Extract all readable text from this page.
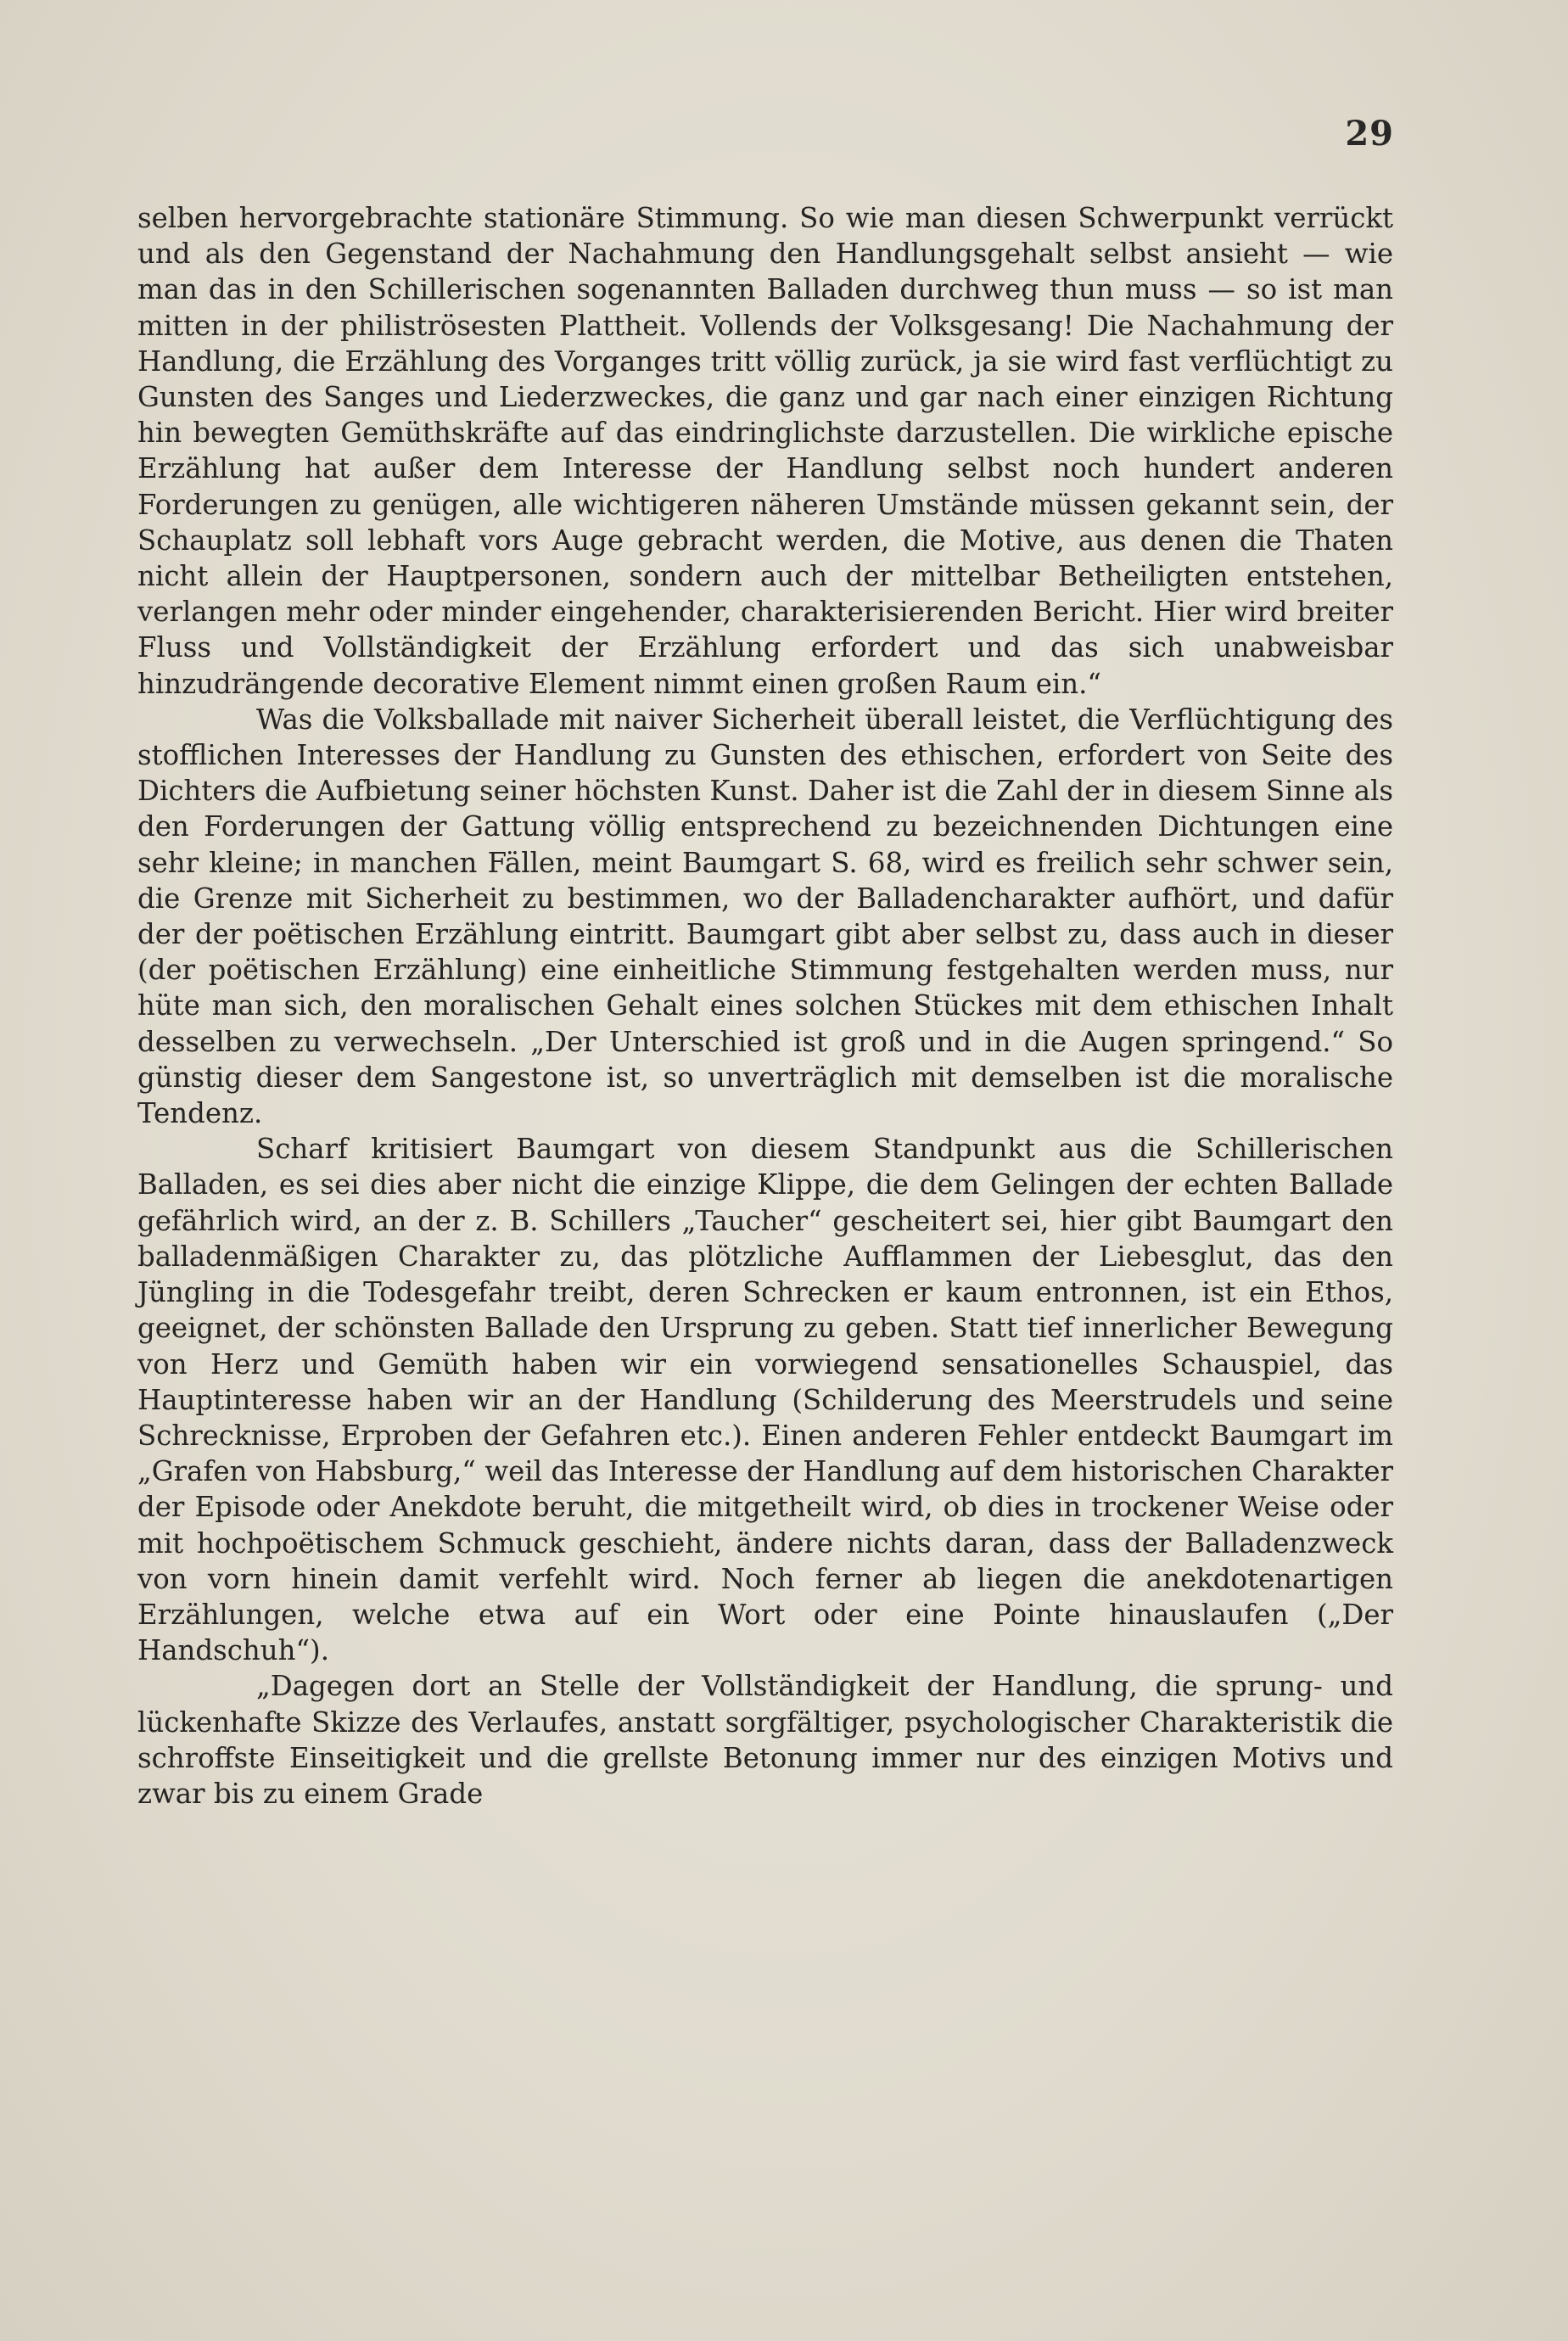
29

selben hervorgebrachte stationäre Stimmung. So wie man diesen Schwerpunkt verrückt und als den Gegenstand der Nachahmung den Handlungsgehalt selbst ansieht — wie man das in den Schillerischen sogenannten Balladen durchweg thun muss — so ist man mitten in der philiströsesten Plattheit. Vollends der Volksgesang! Die Nachahmung der Handlung, die Erzählung des Vorganges tritt völlig zurück, ja sie wird fast verflüchtigt zu Gunsten des Sanges und Liederzweckes, die ganz und gar nach einer einzigen Richtung hin bewegten Gemüthskräfte auf das eindringlichste darzustellen. Die wirkliche epische Erzählung hat außer dem Interesse der Handlung selbst noch hundert anderen Forderungen zu genügen, alle wichtigeren näheren Umstände müssen gekannt sein, der Schauplatz soll lebhaft vors Auge gebracht werden, die Motive, aus denen die Thaten nicht allein der Hauptpersonen, sondern auch der mittelbar Betheiligten entstehen, verlangen mehr oder minder eingehender, charakterisierenden Bericht. Hier wird breiter Fluss und Vollständigkeit der Erzählung erfordert und das sich unabweisbar hinzudrängende decorative Element nimmt einen großen Raum ein.“

Was die Volksballade mit naiver Sicherheit überall leistet, die Verflüchtigung des stofflichen Interesses der Handlung zu Gunsten des ethischen, erfordert von Seite des Dichters die Aufbietung seiner höchsten Kunst. Daher ist die Zahl der in diesem Sinne als den Forderungen der Gattung völlig entsprechend zu bezeichnenden Dichtungen eine sehr kleine; in manchen Fällen, meint Baumgart S. 68, wird es freilich sehr schwer sein, die Grenze mit Sicherheit zu bestimmen, wo der Balladencharakter aufhört, und dafür der der poëtischen Erzählung eintritt. Baumgart gibt aber selbst zu, dass auch in dieser (der poëtischen Erzählung) eine einheitliche Stimmung festgehalten werden muss, nur hüte man sich, den moralischen Gehalt eines solchen Stückes mit dem ethischen Inhalt desselben zu verwechseln. „Der Unterschied ist groß und in die Augen springend.“ So günstig dieser dem Sangestone ist, so unverträglich mit demselben ist die moralische Tendenz.

Scharf kritisiert Baumgart von diesem Standpunkt aus die Schillerischen Balladen, es sei dies aber nicht die einzige Klippe, die dem Gelingen der echten Ballade gefährlich wird, an der z. B. Schillers „Taucher“ gescheitert sei, hier gibt Baumgart den balladenmäßigen Charakter zu, das plötzliche Aufflammen der Liebesglut, das den Jüngling in die Todesgefahr treibt, deren Schrecken er kaum entronnen, ist ein Ethos, geeignet, der schönsten Ballade den Ursprung zu geben. Statt tief innerlicher Bewegung von Herz und Gemüth haben wir ein vorwiegend sensationelles Schauspiel, das Hauptinteresse haben wir an der Handlung (Schilderung des Meerstrudels und seine Schrecknisse, Erproben der Gefahren etc.). Einen anderen Fehler entdeckt Baumgart im „Grafen von Habsburg,“ weil das Interesse der Handlung auf dem historischen Charakter der Episode oder Anekdote beruht, die mitgetheilt wird, ob dies in trockener Weise oder mit hochpoëtischem Schmuck geschieht, ändere nichts daran, dass der Balladenzweck von vorn hinein damit verfehlt wird. Noch ferner ab liegen die anekdotenartigen Erzählungen, welche etwa auf ein Wort oder eine Pointe hinauslaufen („Der Handschuh“).

„Dagegen dort an Stelle der Vollständigkeit der Handlung, die sprung- und lückenhafte Skizze des Verlaufes, anstatt sorgfältiger, psychologischer Charakteristik die schroffste Einseitigkeit und die grellste Betonung immer nur des einzigen Motivs und zwar bis zu einem Grade
